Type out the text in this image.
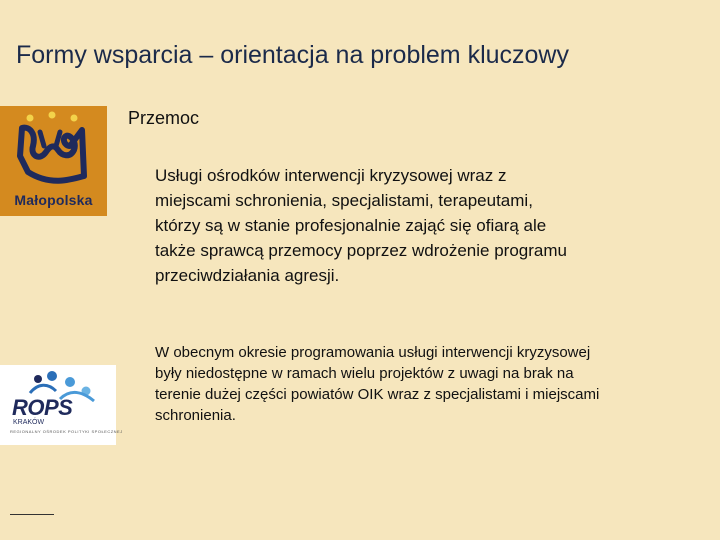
Formy wsparcia – orientacja na problem kluczowy
Małopolska
ROPS
KRAKÓW
REGIONALNY OŚRODEK POLITYKI SPOŁECZNEJ
Przemoc
Usługi ośrodków interwencji kryzysowej wraz z miejscami schronienia, specjalistami, terapeutami, którzy są w stanie profesjonalnie zająć się ofiarą ale także sprawcą przemocy poprzez wdrożenie programu przeciwdziałania agresji.
W obecnym okresie programowania usługi interwencji kryzysowej były niedostępne w ramach wielu projektów z uwagi na brak na terenie dużej części powiatów OIK wraz z specjalistami i miejscami schronienia.
